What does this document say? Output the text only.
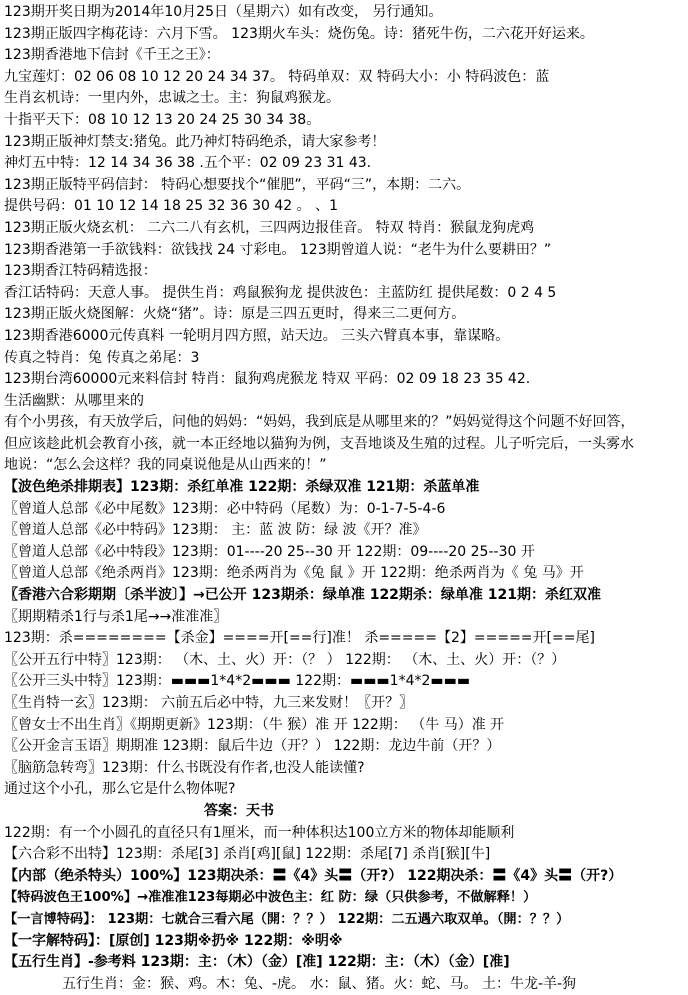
123期开奖日期为2014年10月25日（星期六）如有改变， 另行通知。
123期正版四字梅花诗：六月下雪。 123期火车头：烧伤兔。诗：猪死牛伤，二六花开好运来。
123期香港地下信封《千王之王》：
九宝莲灯：02 06 08 10 12 20 24 34 37。 特码单双：双 特码大小：小 特码波色：蓝
生肖玄机诗：一里内外，忠诚之士。主：狗鼠鸡猴龙。
十指平天下：08 10 12 13 20 24 25 30 34 38。
123期正版神灯禁支:猪兔。此乃神灯特码绝杀，请大家参考！
神灯五中特：12 14 34 36 38 .五个平：02 09 23 31 43.
123期正版特平码信封： 特码心想要找个“催肥”，平码“三”，本期：二六。
提供号码：01 10 12 14 18 25 32 36 30 42 。 、1
123期正版火烧玄机： 二六二八有玄机，三四两边报佳音。 特双 特肖：猴鼠龙狗虎鸡
123期香港第一手欲钱料：欲钱找 24 寸彩电。 123期曾道人说：“老牛为什么要耕田？”
123期香江特码精选报：
香江话特码：天意人事。 提供生肖：鸡鼠猴狗龙 提供波色：主蓝防红 提供尾数：0 2 4 5
123期正版火烧图解：火烧“猪”。诗：原是三四五更时，得来三二更何方。
123期香港6000元传真料 一轮明月四方照，站天边。 三头六臂真本事，靠谋略。
传真之特肖：兔 传真之弟尾：3
123期台湾60000元来料信封 特肖：鼠狗鸡虎猴龙 特双 平码：02 09 18 23 35 42.
生活幽默：从哪里来的
有个小男孩，有天放学后，问他的妈妈：“妈妈，我到底是从哪里来的？”妈妈觉得这个问题不好回答，
但应该趁此机会教育小孩，就一本正经地以猫狗为例，支吾地谈及生殖的过程。儿子听完后，一头雾水
地说：“怎么会这样？我的同桌说他是从山西来的！”
【波色绝杀排期表】123期：杀红单准 122期：杀绿双准 121期：杀蓝单准
〖曾道人总部《必中尾数》123期：必中特码（尾数）为：0-1-7-5-4-6
〖曾道人总部《必中特码》123期： 主：蓝 波 防：绿 波《开？准》
〖曾道人总部《必中特段》123期：01----20 25--30 开 122期：09----20 25--30 开
〖曾道人总部《绝杀两肖》123期：绝杀两肖为《兔 鼠 》开 122期：绝杀两肖为《 兔 马》开
〖香港六合彩期期〔杀半波〕】→已公开 123期杀：绿单准 122期杀：绿单准 121期：杀红双准
〖期期精杀1行与杀1尾→→准准准〗
123期：杀========【杀金】====开[==行]准！ 杀=====【2】=====开[==尾]
〖公开五行中特〗123期： （木、土、火）开：（？ ） 122期： （木、土、火）开：（？）
〖公开三头中特〗123期：▬▬▬1*4*2▬▬▬ 122期：▬▬▬1*4*2▬▬▬
〖生肖特一玄〗123期： 六前五后必中特，九三来发财！〖开？〗
〖曾女士不出生肖〗《期期更新》123期：（牛 猴）准 开 122期： （牛 马）准 开
〖公开金言玉语〗期期准 123期：鼠后牛边（开？） 122期：龙边牛前（开？）
〖脑筋急转弯〗123期：什么书既没有作者,也没人能读懂?
通过这个小孔，那么它是什么物体呢?
答案：天书
122期：有一个小圆孔的直径只有1厘米，而一种体积达100立方米的物体却能顺利
【六合彩不出特】123期：杀尾[3] 杀肖[鸡][鼠] 122期：杀尾[7] 杀肖[猴][牛]
【内部（绝杀特头）100%】123期决杀：〓《4》头〓（开?） 122期决杀：〓《4》头〓（开?）
【特码波色王100%】→准准准123每期必中波色主：红 防：绿（只供参考，不做解释！）
【一言博特码】： 123期：七就合三看六尾（開：？？） 122期：二五遇六取双单。（開：？？）
【一字解特码】：[原创] 123期※扔※ 122期：※明※
【五行生肖】-参考料 123期：主：（木）（金）[准] 122期：主：（木）（金）[准]
五行生肖：金：猴、鸡。木：兔、-虎。 水：鼠、猪。火：蛇、马。 土：牛龙-羊-狗
